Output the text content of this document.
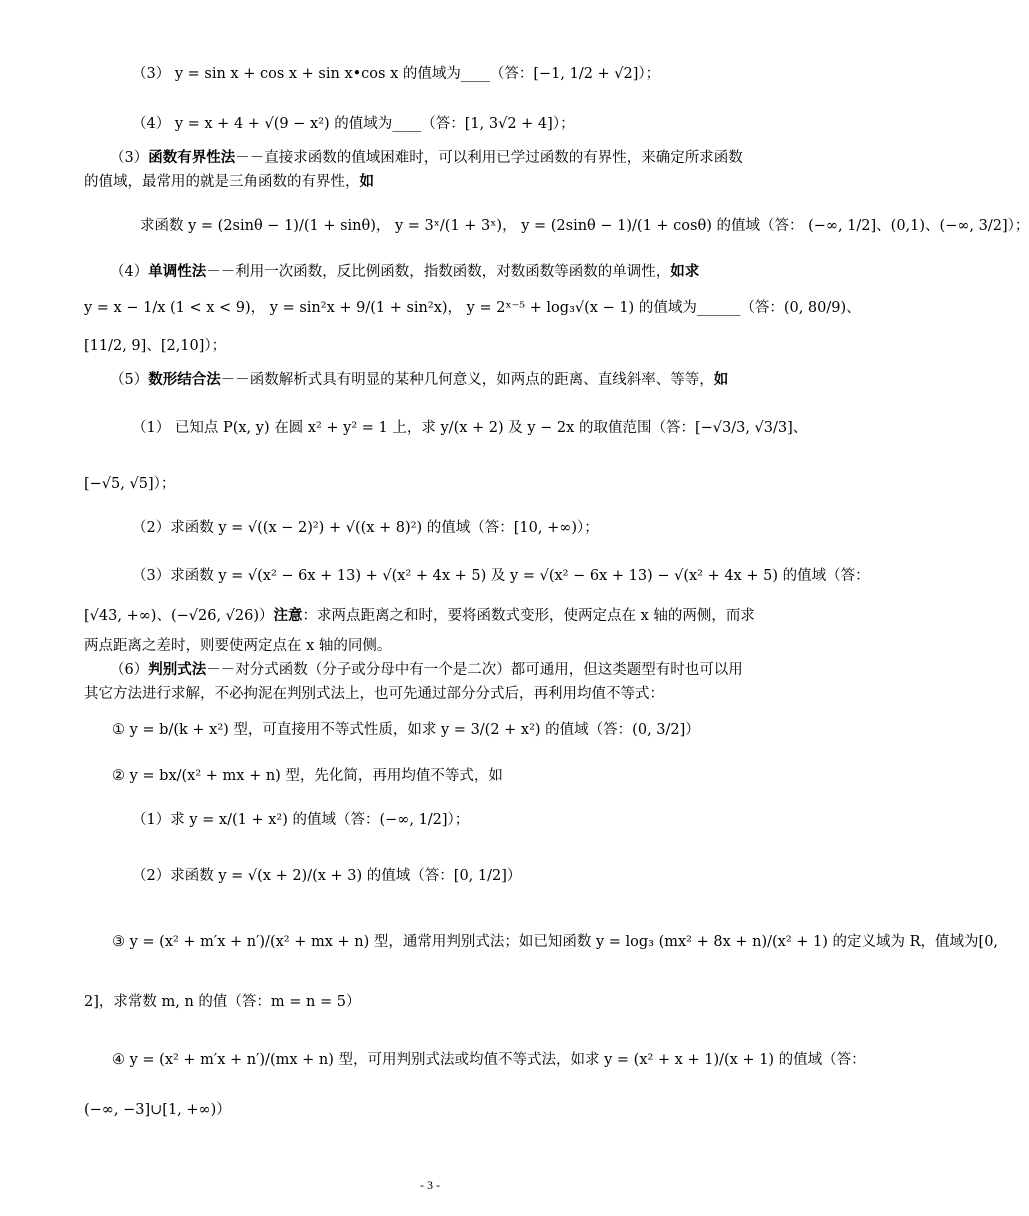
（3） y = sin x + cos x + sin x•cos x 的值域为____（答：[−1, 1/2 + √2]）；
（4） y = x + 4 + √(9 − x²) 的值域为____（答：[1, 3√2 + 4]）；
（3）函数有界性法－－直接求函数的值域困难时，可以利用已学过函数的有界性，来确定所求函数
的值域，最常用的就是三角函数的有界性，如
求函数 y = (2sinθ − 1)/(1 + sinθ)， y = 3ˣ/(1 + 3ˣ)， y = (2sinθ − 1)/(1 + cosθ) 的值域（答： (−∞, 1/2]、(0,1)、(−∞, 3/2]）；
（4）单调性法－－利用一次函数，反比例函数，指数函数，对数函数等函数的单调性，如求
y = x − 1/x (1 < x < 9)， y = sin²x + 9/(1 + sin²x)， y = 2ˣ⁻⁵ + log₃√(x − 1) 的值域为______（答：(0, 80/9)、
[11/2, 9]、[2,10]）；
（5）数形结合法－－函数解析式具有明显的某种几何意义，如两点的距离、直线斜率、等等，如
（1） 已知点 P(x, y) 在圆 x² + y² = 1 上，求 y/(x + 2) 及 y − 2x 的取值范围（答：[−√3/3, √3/3]、
[−√5, √5]）；
（2）求函数 y = √((x − 2)²) + √((x + 8)²) 的值域（答：[10, +∞)）；
（3）求函数 y = √(x² − 6x + 13) + √(x² + 4x + 5) 及 y = √(x² − 6x + 13) − √(x² + 4x + 5) 的值域（答：
[√43, +∞)、(−√26, √26)）注意：求两点距离之和时，要将函数式变形，使两定点在 x 轴的两侧，而求
两点距离之差时，则要使两定点在 x 轴的同侧。
（6）判别式法－－对分式函数（分子或分母中有一个是二次）都可通用，但这类题型有时也可以用
其它方法进行求解，不必拘泥在判别式法上，也可先通过部分分式后，再利用均值不等式：
① y = b/(k + x²) 型，可直接用不等式性质，如求 y = 3/(2 + x²) 的值域（答：(0, 3/2]）
② y = bx/(x² + mx + n) 型，先化简，再用均值不等式，如
（1）求 y = x/(1 + x²) 的值域（答：(−∞, 1/2]）；
（2）求函数 y = √(x + 2)/(x + 3) 的值域（答：[0, 1/2]）
③ y = (x² + m′x + n′)/(x² + mx + n) 型，通常用判别式法；如已知函数 y = log₃ (mx² + 8x + n)/(x² + 1) 的定义域为 R，值域为[0,
2]，求常数 m, n 的值（答：m = n = 5）
④ y = (x² + m′x + n′)/(mx + n) 型，可用判别式法或均值不等式法，如求 y = (x² + x + 1)/(x + 1) 的值域（答：
(−∞, −3]∪[1, +∞)）
- 3 -
